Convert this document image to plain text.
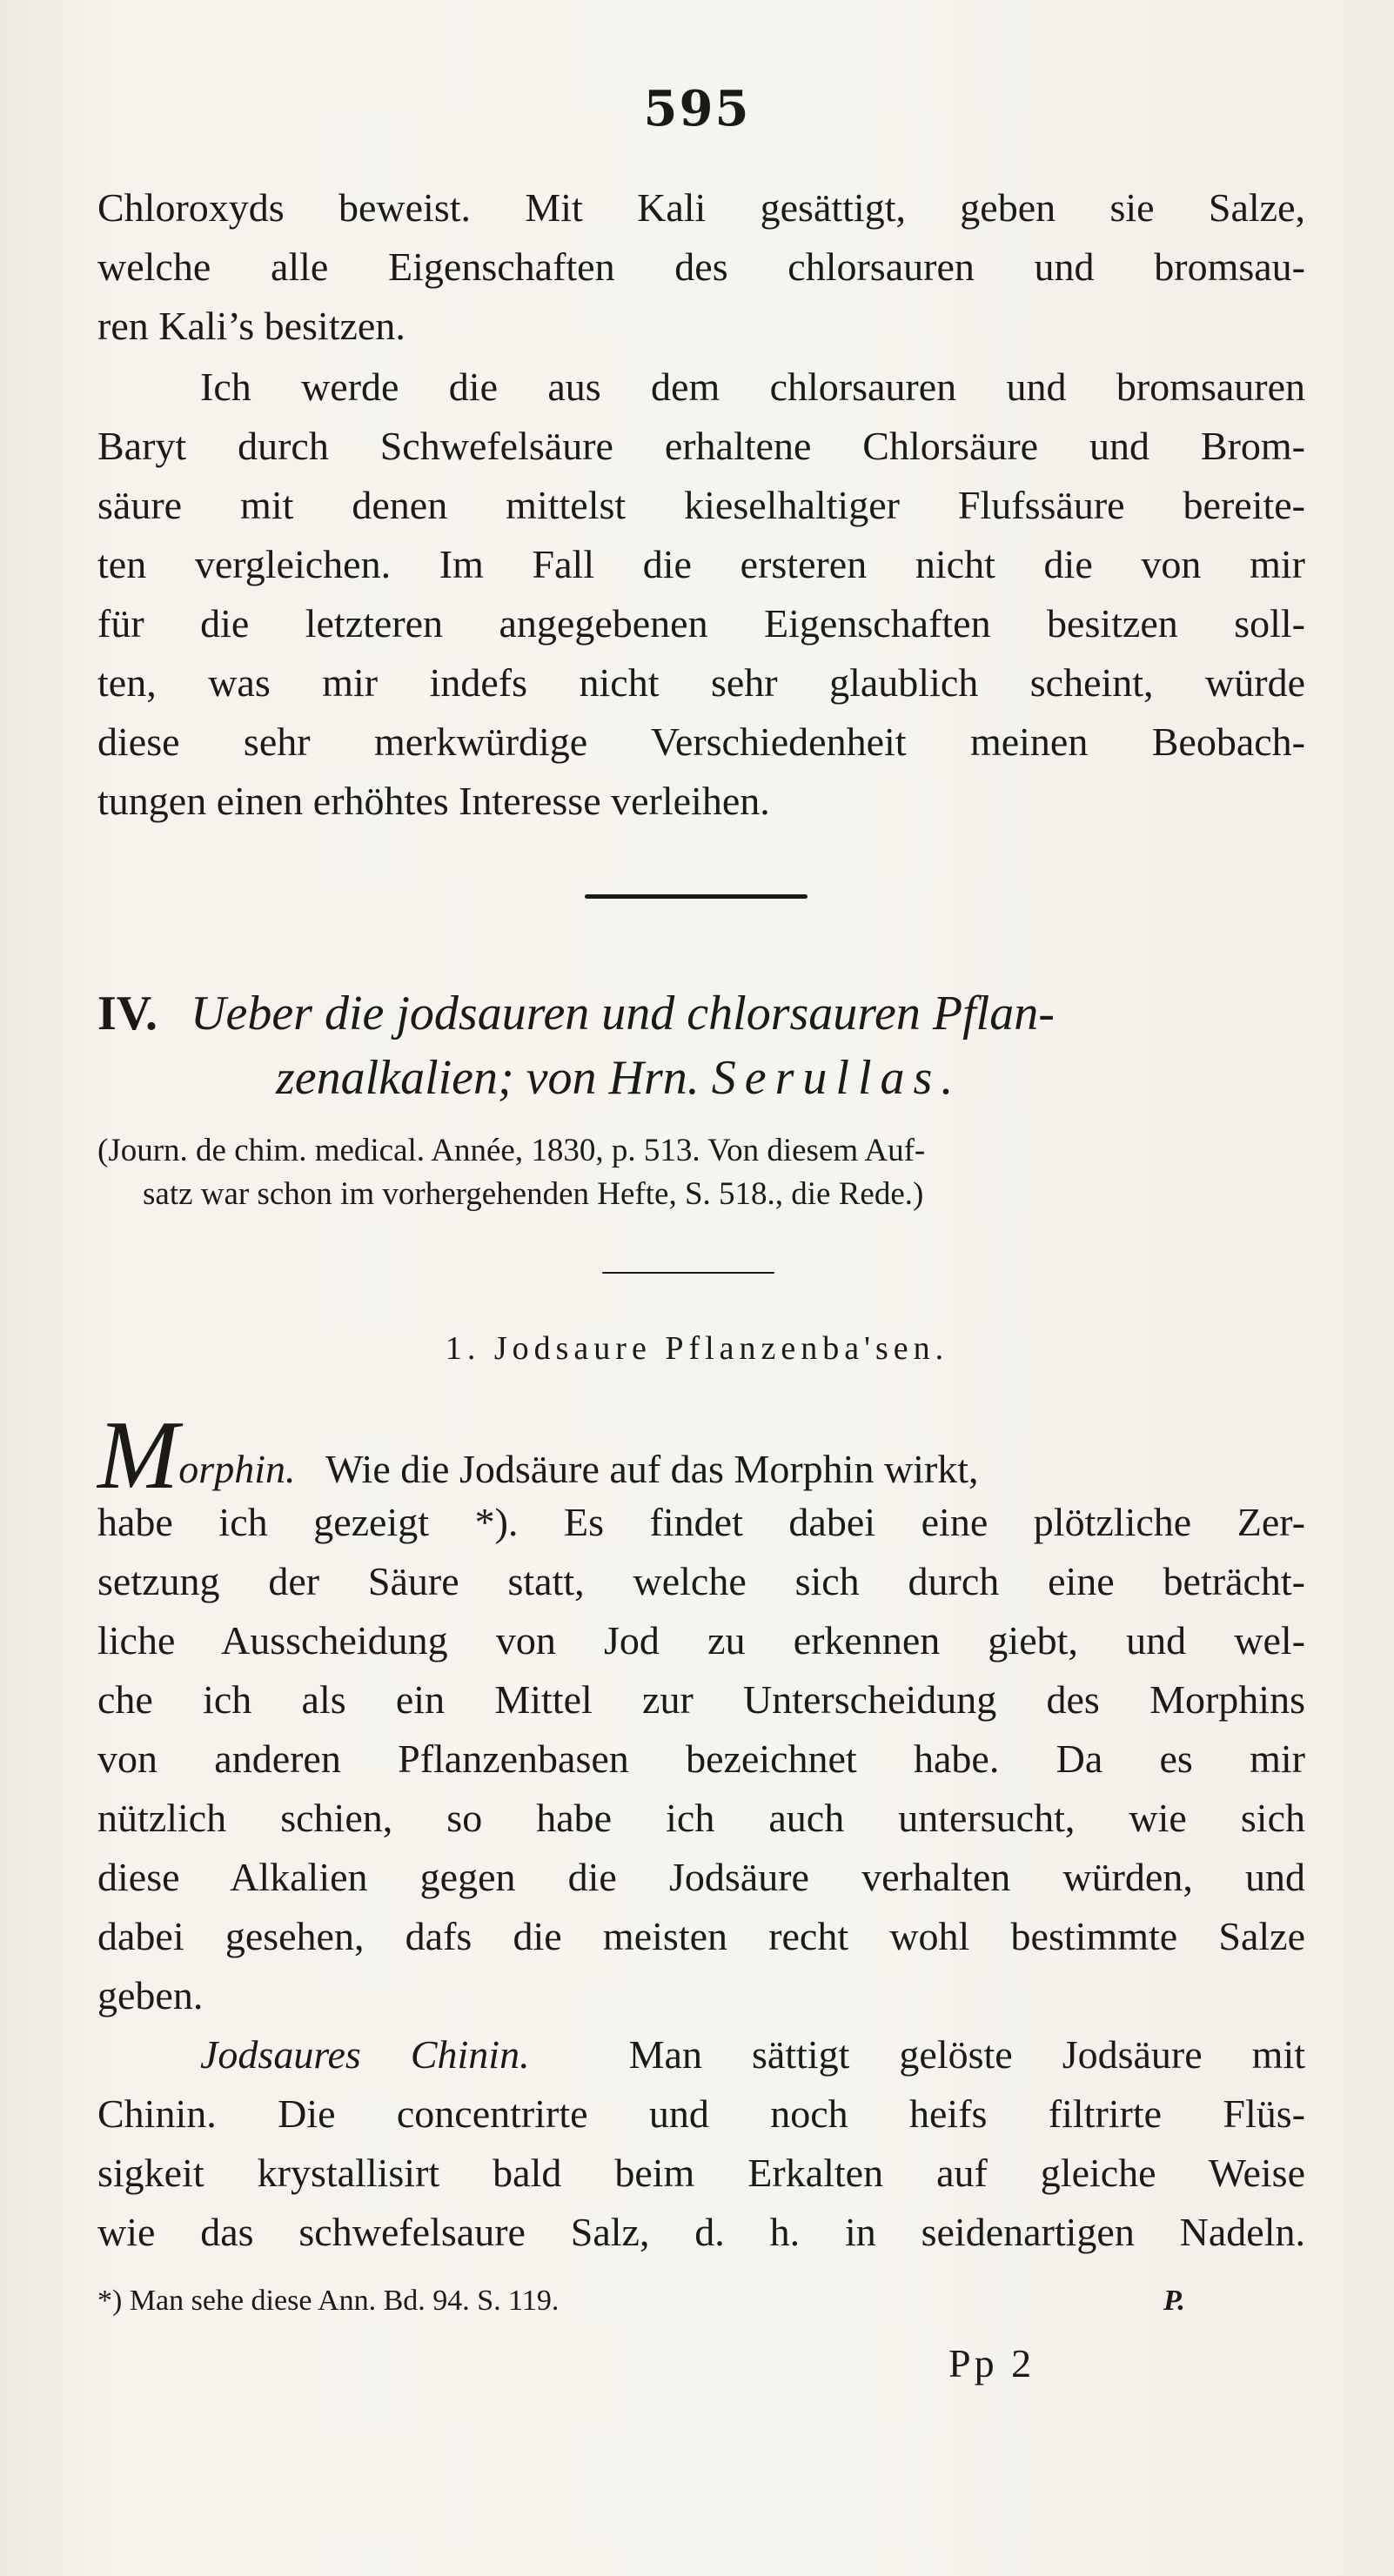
595
Chloroxyds beweist. Mit Kali gesättigt, geben sie Salze,
welche alle Eigenschaften des chlorsauren und bromsau-
ren Kali’s besitzen.
Ich werde die aus dem chlorsauren und bromsauren
Baryt durch Schwefelsäure erhaltene Chlorsäure und Brom-
säure mit denen mittelst kieselhaltiger Flufssäure bereite-
ten vergleichen. Im Fall die ersteren nicht die von mir
für die letzteren angegebenen Eigenschaften besitzen soll-
ten, was mir indefs nicht sehr glaublich scheint, würde
diese sehr merkwürdige Verschiedenheit meinen Beobach-
tungen einen erhöhtes Interesse verleihen.
IV. Ueber die jodsauren und chlorsauren Pflan-
zenalkalien; von Hrn. Serullas.
(Journ. de chim. medical. Année, 1830, p. 513. Von diesem Auf-
satz war schon im vorhergehenden Hefte, S. 518., die Rede.)
1. Jodsaure Pflanzenba'sen.
Morphin. Wie die Jodsäure auf das Morphin wirkt,
habe ich gezeigt *). Es findet dabei eine plötzliche Zer-
setzung der Säure statt, welche sich durch eine beträcht-
liche Ausscheidung von Jod zu erkennen giebt, und wel-
che ich als ein Mittel zur Unterscheidung des Morphins
von anderen Pflanzenbasen bezeichnet habe. Da es mir
nützlich schien, so habe ich auch untersucht, wie sich
diese Alkalien gegen die Jodsäure verhalten würden, und
dabei gesehen, dafs die meisten recht wohl bestimmte Salze
geben.
Jodsaures Chinin. Man sättigt gelöste Jodsäure mit
Chinin. Die concentrirte und noch heifs filtrirte Flüs-
sigkeit krystallisirt bald beim Erkalten auf gleiche Weise
wie das schwefelsaure Salz, d. h. in seidenartigen Nadeln.
*) Man sehe diese Ann. Bd. 94. S. 119.	P.
Pp 2
